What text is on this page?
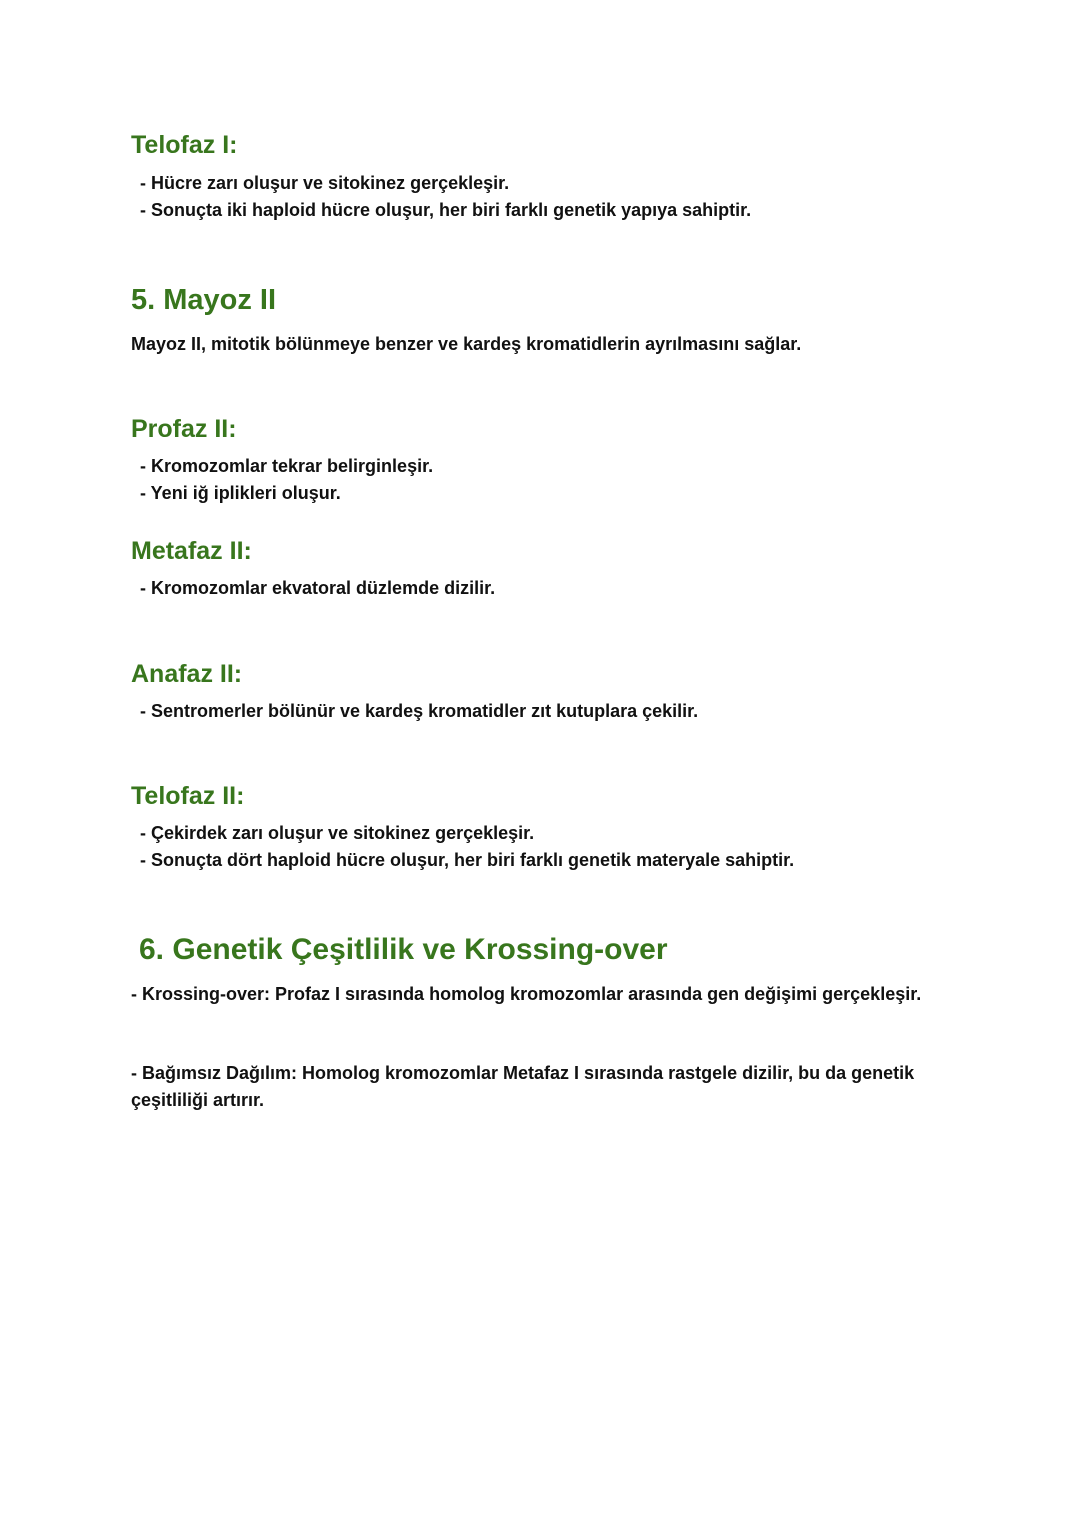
Telofaz I:
- Hücre zarı oluşur ve sitokinez gerçekleşir.
- Sonuçta iki haploid hücre oluşur, her biri farklı genetik yapıya sahiptir.
5. Mayoz II

Mayoz II, mitotik bölünmeye benzer ve kardeş kromatidlerin ayrılmasını sağlar.

Profaz II:
- Kromozomlar tekrar belirginleşir.
- Yeni iğ iplikleri oluşur.
Metafaz II:
- Kromozomlar ekvatoral düzlemde dizilir.
Anafaz II:
- Sentromerler bölünür ve kardeş kromatidler zıt kutuplara çekilir.
Telofaz II:
- Çekirdek zarı oluşur ve sitokinez gerçekleşir.
- Sonuçta dört haploid hücre oluşur, her biri farklı genetik materyale sahiptir.
6. Genetik Çeşitlilik ve Krossing-over

- Krossing-over: Profaz I sırasında homolog kromozomlar arasında gen değişimi gerçekleşir.

- Bağımsız Dağılım: Homolog kromozomlar Metafaz I sırasında rastgele dizilir, bu da genetik çeşitliliği artırır.
